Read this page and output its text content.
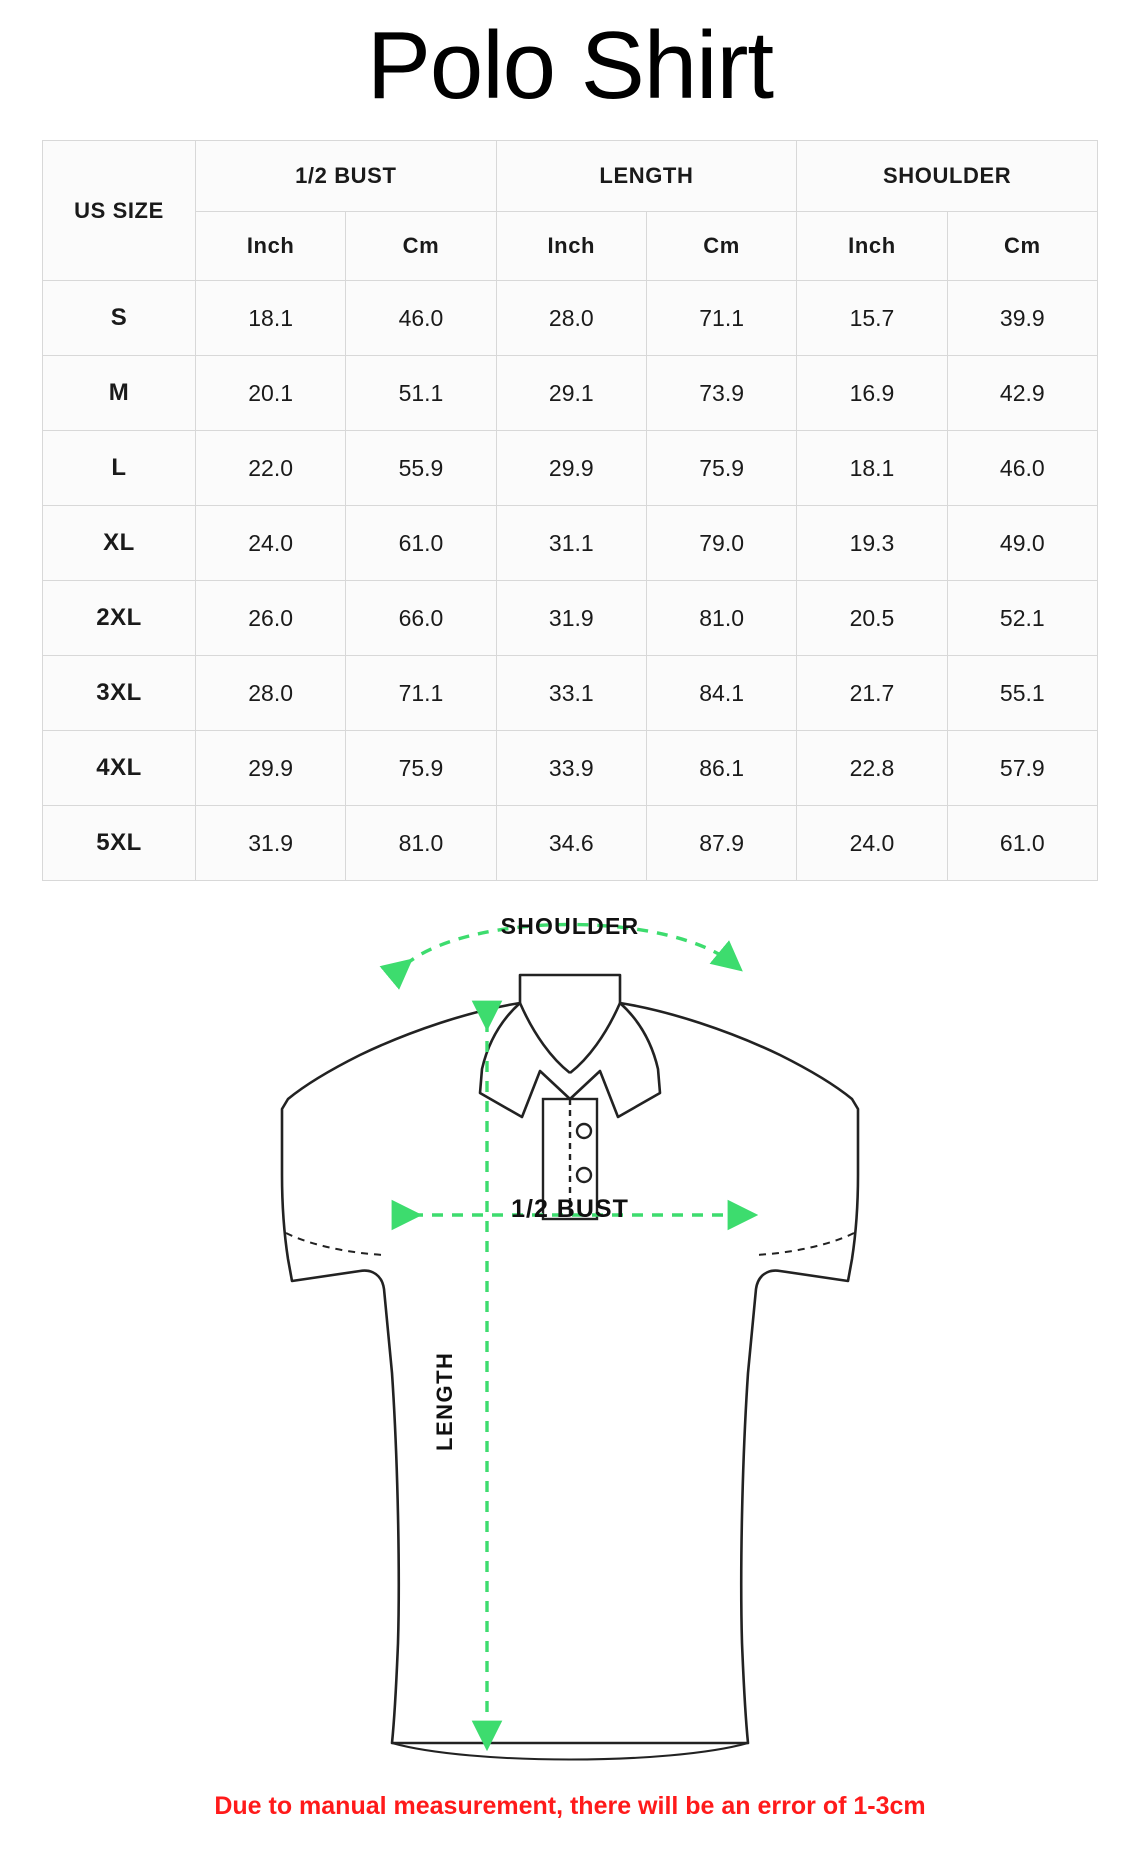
Polo Shirt
US SIZE	1/2 BUST		LENGTH		SHOULDER	
	Inch	Cm	Inch	Cm	Inch	Cm
S	18.1	46.0	28.0	71.1	15.7	39.9
M	20.1	51.1	29.1	73.9	16.9	42.9
L	22.0	55.9	29.9	75.9	18.1	46.0
XL	24.0	61.0	31.1	79.0	19.3	49.0
2XL	26.0	66.0	31.9	81.0	20.5	52.1
3XL	28.0	71.1	33.1	84.1	21.7	55.1
4XL	29.9	75.9	33.9	86.1	22.8	57.9
5XL	31.9	81.0	34.6	87.9	24.0	61.0
SHOULDER
1/2 BUST
LENGTH
Due to manual measurement, there will be an error of 1-3cm
